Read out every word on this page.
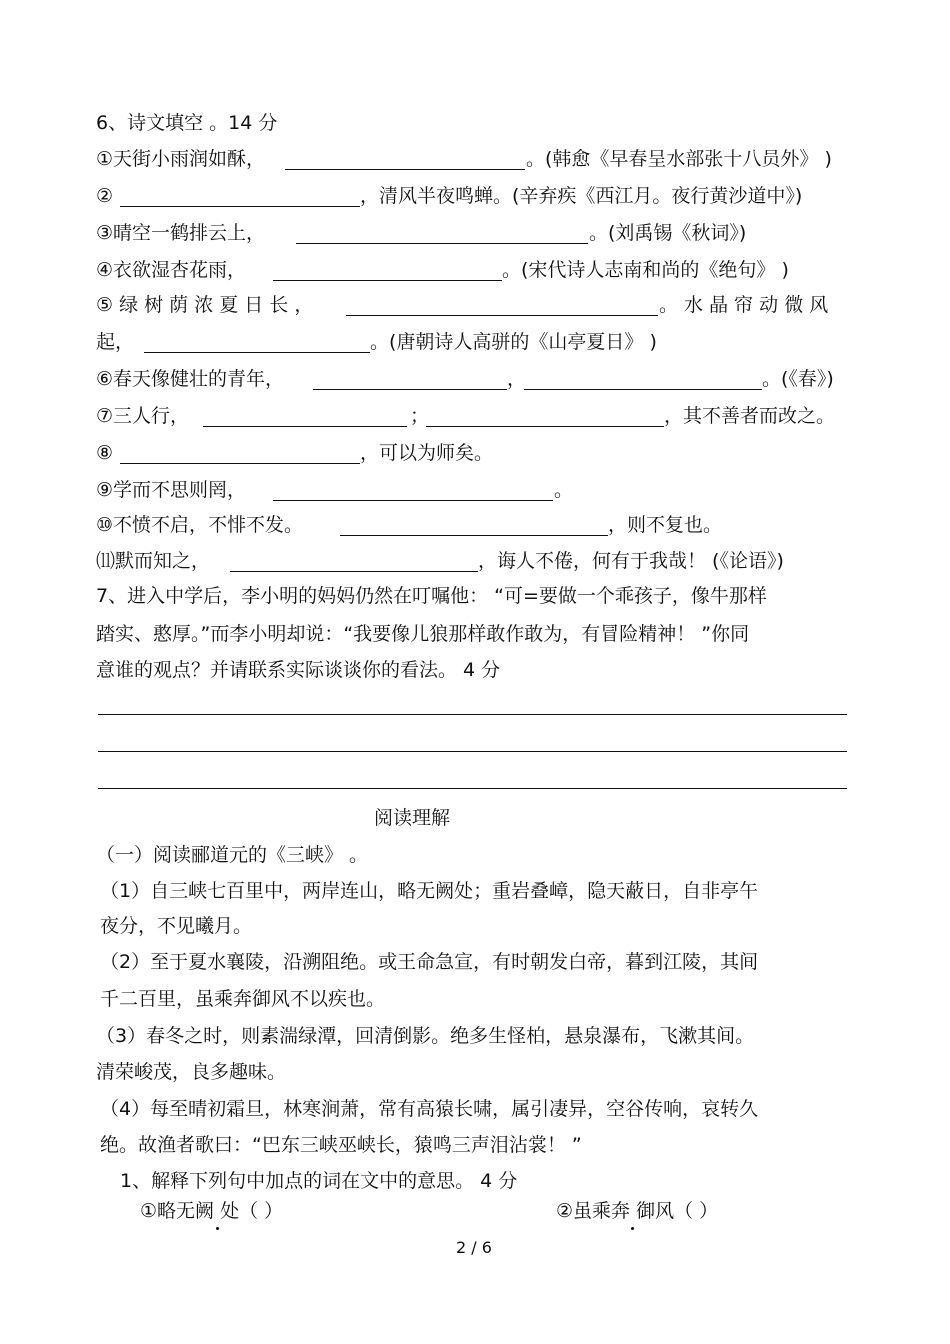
6、诗文填空 。14 分
①天街小雨润如酥，	。(韩愈《早春呈水部张十八员外》 )
②	，清风半夜鸣蝉。(辛弃疾《西江月。夜行黄沙道中》)
③晴空一鹤排云上，	。(刘禹锡《秋词》)
④衣欲湿杏花雨，	。(宋代诗人志南和尚的《绝句》 )
⑤ 绿 树 荫 浓 夏 日 长 ，	。 水 晶 帘 动 微 风
起，	。(唐朝诗人高骈的《山亭夏日》 )
⑥春天像健壮的青年，	，	。(《春》)
⑦三人行，	；	，其不善者而改之。
⑧	，可以为师矣。
⑨学而不思则罔，	。
⑩不愤不启，不悱不发。	，则不复也。
⑾默而知之，	，诲人不倦，何有于我哉！ (《论语》)
7、进入中学后，李小明的妈妈仍然在叮嘱他： “可=要做一个乖孩子，像牛那样
踏实、憨厚。”而李小明却说：“我要像儿狼那样敢作敢为，有冒险精神！ ”你同
意谁的观点？并请联系实际谈谈你的看法。 4 分
阅读理解
（一）阅读郦道元的《三峡》 。
（1）自三峡七百里中，两岸连山，略无阙处；重岩叠嶂，隐天蔽日，自非亭午
夜分，不见曦月。
（2）至于夏水襄陵，沿溯阻绝。或王命急宣，有时朝发白帝，暮到江陵，其间
千二百里，虽乘奔御风不以疾也。
（3）春冬之时，则素湍绿潭，回清倒影。绝多生怪柏，悬泉瀑布，飞漱其间。
清荣峻茂，良多趣味。
（4）每至晴初霜旦，林寒涧萧，常有高猿长啸，属引凄异，空谷传响，哀转久
绝。故渔者歌曰：“巴东三峡巫峡长，猿鸣三声泪沾裳！ ”
1、解释下列句中加点的词在文中的意思。 4 分
①略无阙 处（ ）	②虽乘奔 御风（ ）
2 / 6
